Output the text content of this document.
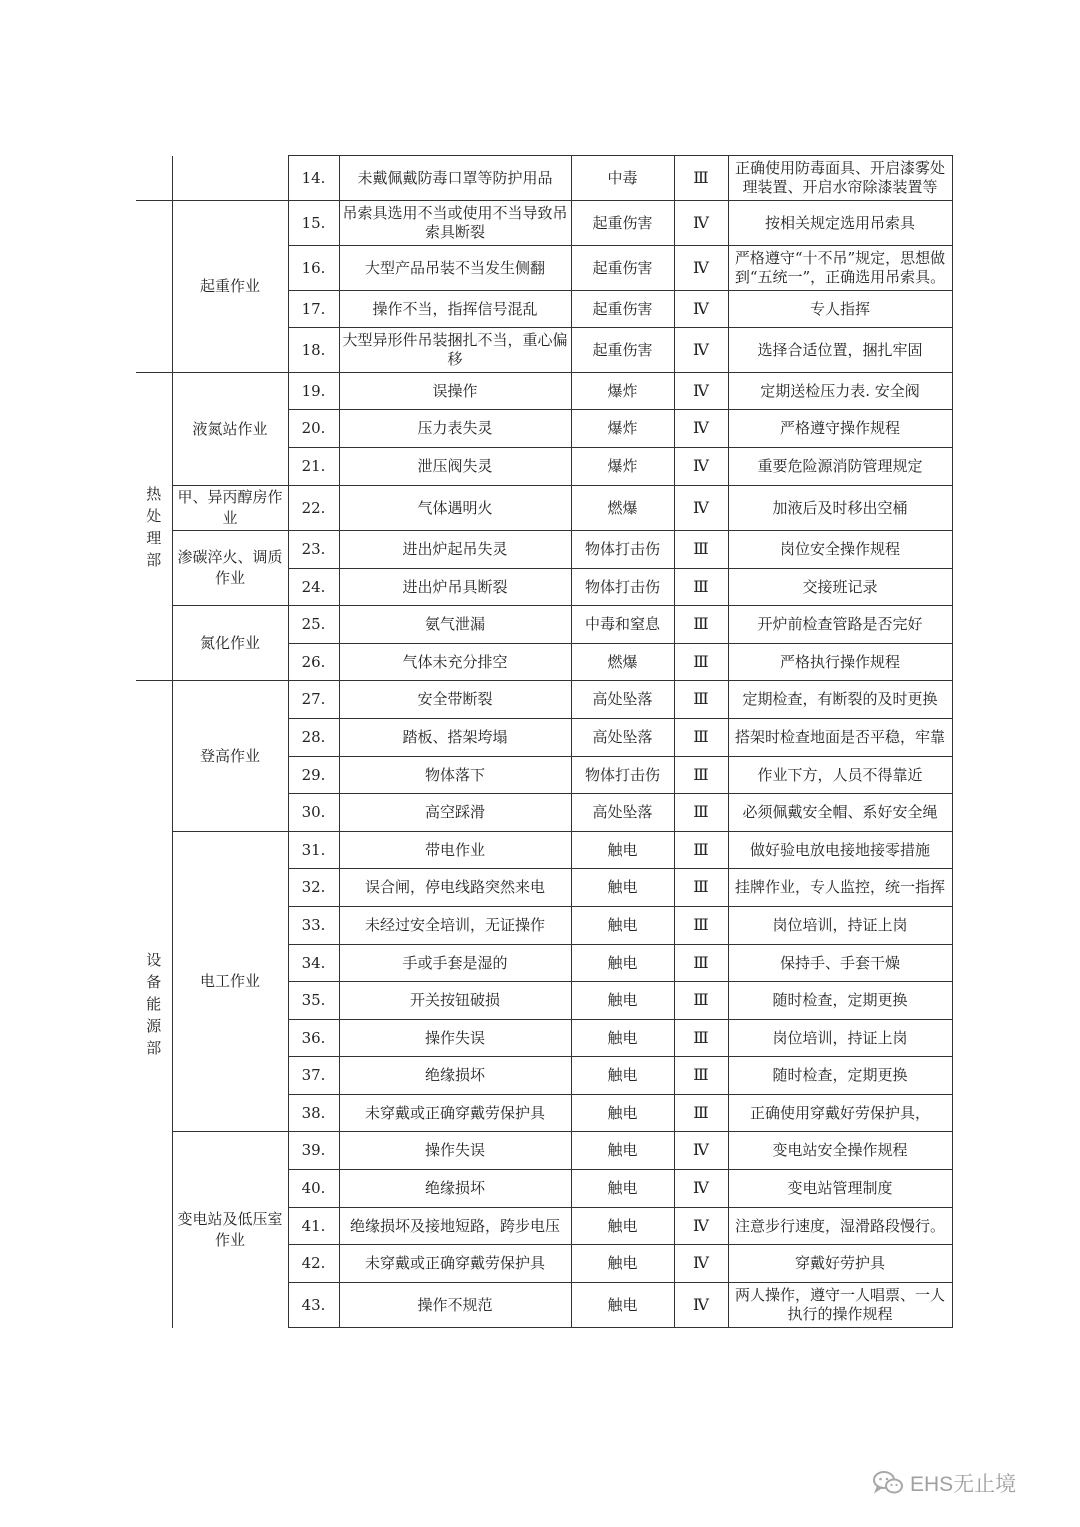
		14.	未戴佩戴防毒口罩等防护用品	中毒	Ⅲ	正确使用防毒面具、开启漆雾处理装置、开启水帘除漆装置等
	起重作业	15.	吊索具选用不当或使用不当导致吊索具断裂	起重伤害	Ⅳ	按相关规定选用吊索具
		16.	大型产品吊装不当发生侧翻	起重伤害	Ⅳ	严格遵守“十不吊”规定，思想做到“五统一”，正确选用吊索具。
		17.	操作不当，指挥信号混乱	起重伤害	Ⅳ	专人指挥
		18.	大型异形件吊装捆扎不当，重心偏移	起重伤害	Ⅳ	选择合适位置，捆扎牢固

热处理部	液氮站作业	19.	误操作	爆炸	Ⅳ	定期送检压力表. 安全阀
		20.	压力表失灵	爆炸	Ⅳ	严格遵守操作规程
		21.	泄压阀失灵	爆炸	Ⅳ	重要危险源消防管理规定
	甲、异丙醇房作业	22.	气体遇明火	燃爆	Ⅳ	加液后及时移出空桶
	渗碳淬火、调质作业	23.	进出炉起吊失灵	物体打击伤	Ⅲ	岗位安全操作规程
		24.	进出炉吊具断裂	物体打击伤	Ⅲ	交接班记录
	氮化作业	25.	氨气泄漏	中毒和窒息	Ⅲ	开炉前检查管路是否完好
		26.	气体未充分排空	燃爆	Ⅲ	严格执行操作规程

设备能源部	登高作业	27.	安全带断裂	高处坠落	Ⅲ	定期检查，有断裂的及时更换
		28.	踏板、搭架垮塌	高处坠落	Ⅲ	搭架时检查地面是否平稳，牢靠
		29.	物体落下	物体打击伤	Ⅲ	作业下方，人员不得靠近
		30.	高空踩滑	高处坠落	Ⅲ	必须佩戴安全帽、系好安全绳
	电工作业	31.	带电作业	触电	Ⅲ	做好验电放电接地接零措施
		32.	误合闸，停电线路突然来电	触电	Ⅲ	挂牌作业，专人监控，统一指挥
		33.	未经过安全培训，无证操作	触电	Ⅲ	岗位培训，持证上岗
		34.	手或手套是湿的	触电	Ⅲ	保持手、手套干燥
		35.	开关按钮破损	触电	Ⅲ	随时检查，定期更换
		36.	操作失误	触电	Ⅲ	岗位培训，持证上岗
		37.	绝缘损坏	触电	Ⅲ	随时检查，定期更换
		38.	未穿戴或正确穿戴劳保护具	触电	Ⅲ	正确使用穿戴好劳保护具，
	变电站及低压室作业	39.	操作失误	触电	Ⅳ	变电站安全操作规程
		40.	绝缘损坏	触电	Ⅳ	变电站管理制度
		41.	绝缘损坏及接地短路，跨步电压	触电	Ⅳ	注意步行速度，湿滑路段慢行。
		42.	未穿戴或正确穿戴劳保护具	触电	Ⅳ	穿戴好劳护具
		43.	操作不规范	触电	Ⅳ	两人操作，遵守一人唱票、一人执行的操作规程
EHS无止境
